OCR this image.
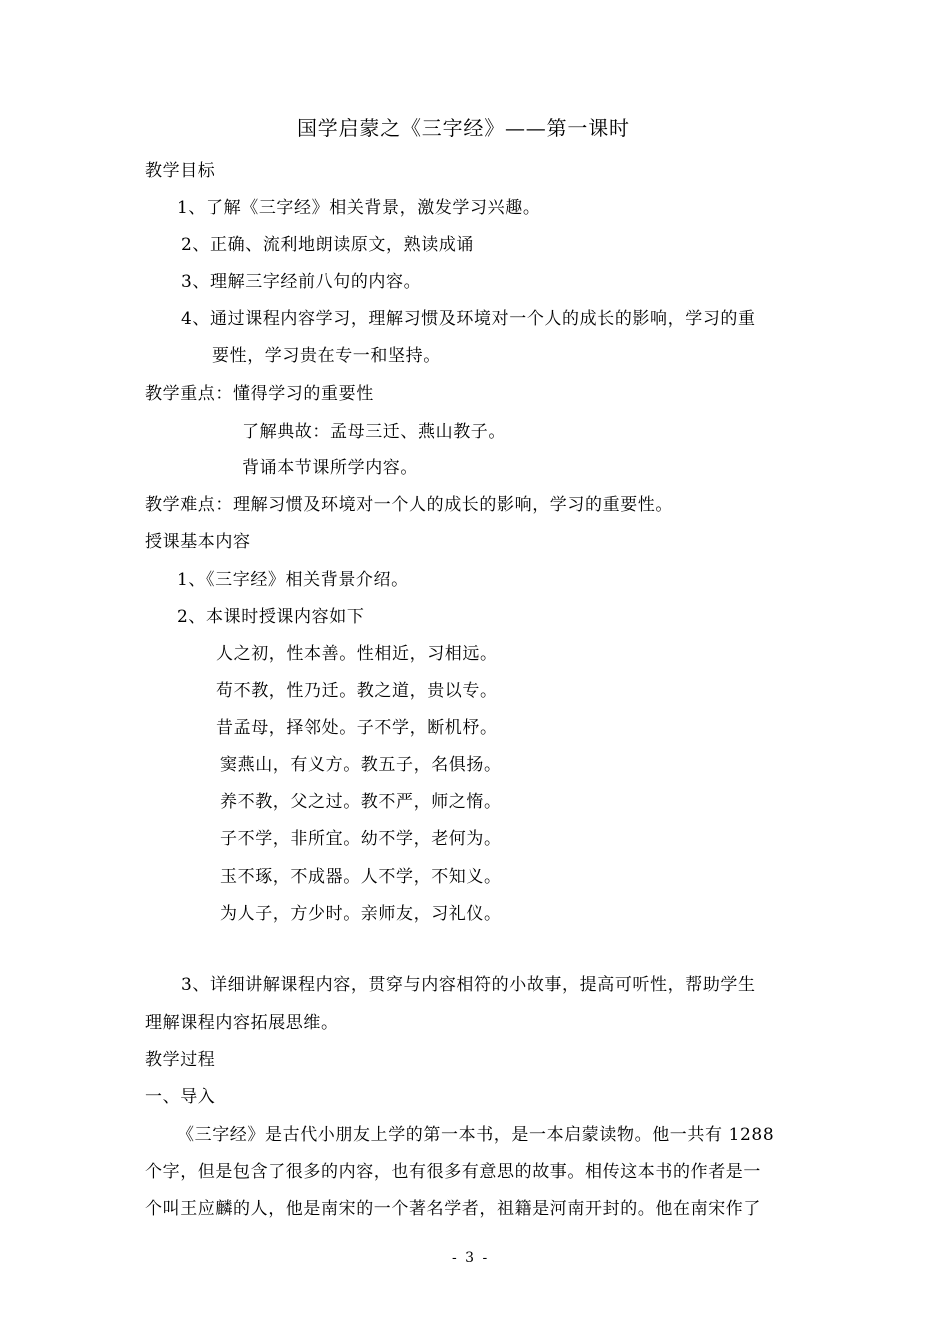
国学启蒙之《三字经》——第一课时
教学目标
1、了解《三字经》相关背景，激发学习兴趣。
2、正确、流利地朗读原文，熟读成诵
3、理解三字经前八句的内容。
4、通过课程内容学习，理解习惯及环境对一个人的成长的影响，学习的重
要性，学习贵在专一和坚持。
教学重点：懂得学习的重要性
了解典故：孟母三迁、燕山教子。
背诵本节课所学内容。
教学难点：理解习惯及环境对一个人的成长的影响，学习的重要性。
授课基本内容
1、《三字经》相关背景介绍。
2、本课时授课内容如下
人之初，性本善。性相近，习相远。
苟不教，性乃迁。教之道，贵以专。
昔孟母，择邻处。子不学，断机杼。
窦燕山，有义方。教五子，名俱扬。
养不教，父之过。教不严，师之惰。
子不学，非所宜。幼不学，老何为。
玉不琢，不成器。人不学，不知义。
为人子，方少时。亲师友，习礼仪。
3、详细讲解课程内容，贯穿与内容相符的小故事，提高可听性，帮助学生
理解课程内容拓展思维。
教学过程
一、导入
《三字经》是古代小朋友上学的第一本书，是一本启蒙读物。他一共有 1288
个字，但是包含了很多的内容，也有很多有意思的故事。相传这本书的作者是一
个叫王应麟的人，他是南宋的一个著名学者，祖籍是河南开封的。他在南宋作了
- 3 -
